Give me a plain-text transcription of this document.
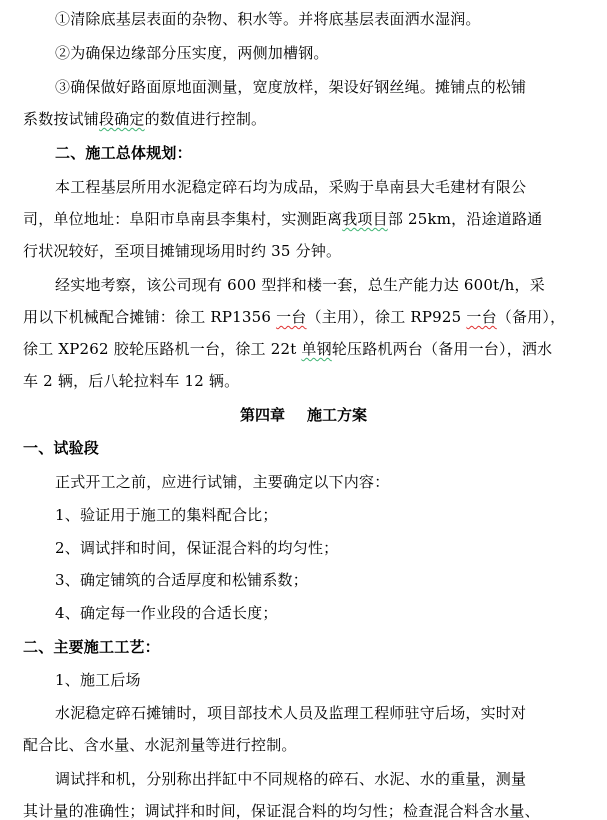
①清除底基层表面的杂物、积水等。并将底基层表面洒水湿润。
②为确保边缘部分压实度，两侧加槽钢。
③确保做好路面原地面测量，宽度放样，架设好钢丝绳。摊铺点的松铺
系数按试铺段确定的数值进行控制。
二、施工总体规划：
本工程基层所用水泥稳定碎石均为成品，采购于阜南县大毛建材有限公
司，单位地址：阜阳市阜南县李集村，实测距离我项目部 25km，沿途道路通
行状况较好，至项目摊铺现场用时约 35 分钟。
经实地考察，该公司现有 600 型拌和楼一套，总生产能力达 600t/h，采
用以下机械配合摊铺：徐工 RP1356 一台（主用），徐工 RP925 一台（备用），
徐工 XP262 胶轮压路机一台，徐工 22t 单钢轮压路机两台（备用一台），洒水
车 2 辆，后八轮拉料车 12 辆。
第四章 施工方案
一、试验段
正式开工之前，应进行试铺，主要确定以下内容：
1、验证用于施工的集料配合比；
2、调试拌和时间，保证混合料的均匀性；
3、确定铺筑的合适厚度和松铺系数；
4、确定每一作业段的合适长度；
二、主要施工工艺：
1、施工后场
水泥稳定碎石摊铺时，项目部技术人员及监理工程师驻守后场，实时对
配合比、含水量、水泥剂量等进行控制。
调试拌和机，分别称出拌缸中不同规格的碎石、水泥、水的重量，测量
其计量的准确性；调试拌和时间，保证混合料的均匀性；检查混合料含水量、
